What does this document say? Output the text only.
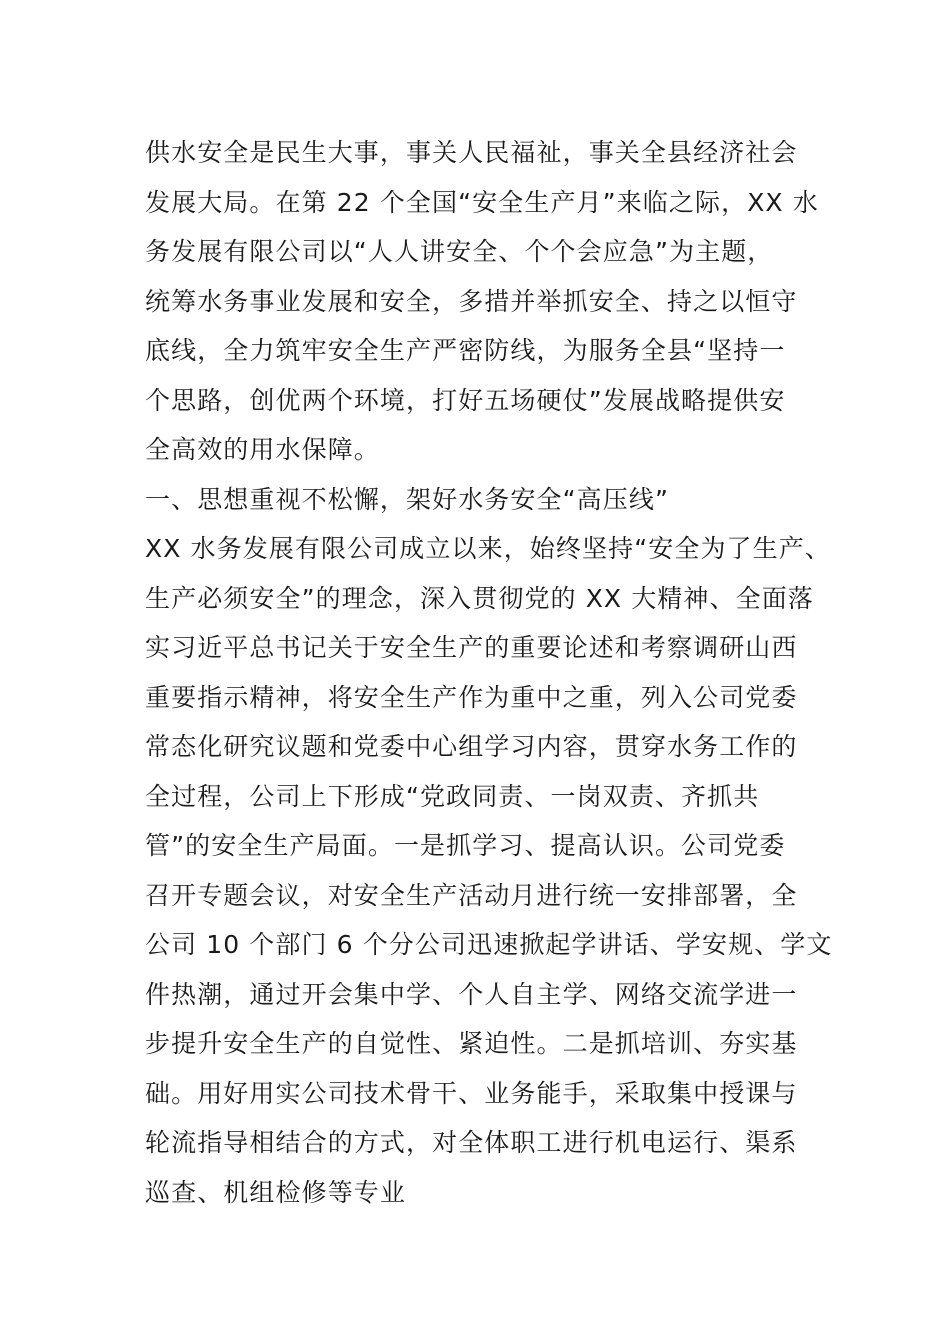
供水安全是民生大事，事关人民福祉，事关全县经济社会
发展大局。在第 22 个全国“安全生产月”来临之际，XX 水
务发展有限公司以“人人讲安全、个个会应急”为主题，
统筹水务事业发展和安全，多措并举抓安全、持之以恒守
底线，全力筑牢安全生产严密防线，为服务全县“坚持一
个思路，创优两个环境，打好五场硬仗”发展战略提供安
全高效的用水保障。
一、思想重视不松懈，架好水务安全“高压线”
XX 水务发展有限公司成立以来，始终坚持“安全为了生产、
生产必须安全”的理念，深入贯彻党的 XX 大精神、全面落
实习近平总书记关于安全生产的重要论述和考察调研山西
重要指示精神，将安全生产作为重中之重，列入公司党委
常态化研究议题和党委中心组学习内容，贯穿水务工作的
全过程，公司上下形成“党政同责、一岗双责、齐抓共
管”的安全生产局面。一是抓学习、提高认识。公司党委
召开专题会议，对安全生产活动月进行统一安排部署，全
公司 10 个部门 6 个分公司迅速掀起学讲话、学安规、学文
件热潮，通过开会集中学、个人自主学、网络交流学进一
步提升安全生产的自觉性、紧迫性。二是抓培训、夯实基
础。用好用实公司技术骨干、业务能手，采取集中授课与
轮流指导相结合的方式，对全体职工进行机电运行、渠系
巡查、机组检修等专业
